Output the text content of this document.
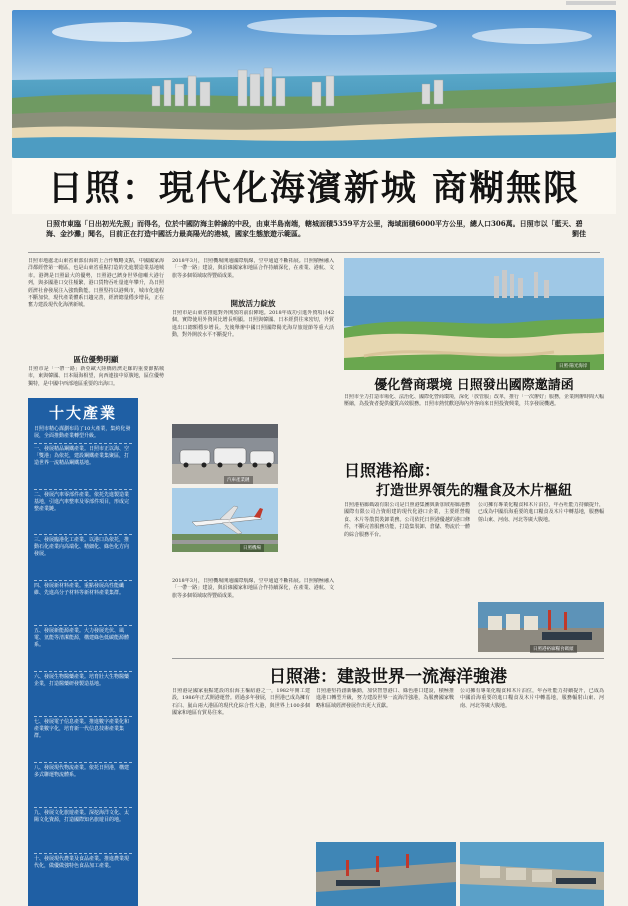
日照：現代化海濱新城 商糊無限
日照市東臨「日出初光先照」而得名，位於中國防海主幹線的中段，由東半島南端，轄城面積5359平方公里，海域面積6000平方公里，總人口306萬。日照市以「藍天、碧海、金沙灘」聞名，目前正在打造中國活力最高陽光的港城，國家生態旅遊示範區。	劉佳
日照市地處北山東省東部沿海的上合作戰略支點，中國國家海洋都經營第一範區，也是山東省重點打造的先進製造業基地城市。港灣是日照最大的優勢，日照港已躋身世界億噸大港行列，與多國港口交往頻繁，港口貨物吞吐量連年攀升，為日照經濟社會發展注入強勁動能。日照堅持以港興市，城市化進程不斷加快，現代產業體系日趨完善，經濟總量穩步增長，正在奮力建設現代化海濱新城。
區位優勢明顯
日照市是「一帶一路」新亞歐大陸橋經濟走廊的重要節點城市，東與韓國、日本隔海相望，向西連接中原腹地，區位優勢獨特，是中國中西部地區重要的出海口。
2018年3月，日照機場開通國際航線，空中通道不斷拓展。日照積極融入「一帶一路」建設，與沿線國家和地區合作持續深化，在產業、港航、文旅等多個領域取得豐碩成果。
開放活力綻放
日照市是山東省推進對外開放的前沿陣地。2018年成功引進外資項目42個，實際使用外資同比增長明顯。日照與韓國、日本經貿往來密切，外貿進出口總額穩步增長。先後舉辦中國日照國際陽光海岸旅遊節等重大活動，對外開放水平不斷提升。
十大產業
日照市精心謀劃布局了10大產業，集約化發展，全面推動產業轉型升級。
一、發展精品鋼鐵產業。日照市正以海、空「雙港」為依托，建設鋼鐵產業集聚區，打造世界一流精品鋼鐵基地。
二、發展汽車零部件產業。依托先進製造業基地，引進汽車整車及零部件項目，形成完整產業鏈。
三、發展臨港化工產業。以港口為依托，推動石化產業向高端化、精細化、綠色化方向發展。
四、發展新材料產業。重點發展高性能纖維、先進高分子材料等新材料產業集群。
五、發展新能源產業。大力發展光伏、風電、氫能等清潔能源，構建綠色低碳能源體系。
六、發展生物醫藥產業。培育壯大生物醫藥企業，打造醫藥研發製造基地。
七、發展電子信息產業。推進數字產業化和產業數字化，培育新一代信息技術產業集群。
八、發展現代物流產業。依托日照港，構建多式聯運物流體系。
九、發展文化旅遊產業。深挖海洋文化、太陽文化資源，打造國際知名旅遊目的地。
十、發展現代農業及食品產業。推進農業現代化，做優做強特色食品加工產業。
汽車產業鏈
日照機場
日照·陽光海岸
優化營商環境 日照發出國際邀請函
日照市全力打造市場化、法治化、國際化營商環境，深化「放管服」改革，推行「一次辦好」服務，企業開辦時間大幅壓縮，為投資者提供優質高效服務。日照市熱忱歡迎海內外客商來日照投資興業，共享發展機遇。
日照港裕廊：
打造世界領先的糧食及木片樞紐
日照港裕廊碼頭有限公司是日照港集團與新加坡裕廊港務國際有限公司合資組建的現代化港口企業，主要經營糧食、木片等散貨裝卸業務。公司依托日照港優越的港口條件，不斷完善服務功能，打造集裝卸、倉儲、物流於一體的綜合服務平台。
公司擁有專業化糧食和木片泊位，年吞吐能力持續提升，已成為中國沿海重要的進口糧食及木片中轉基地，服務輻射山東、河南、河北等廣大腹地。
日照港裕廊糧食碼頭
2018年3月，日照機場開通國際航線，空中通道不斷拓展。日照積極融入「一帶一路」建設，與沿線國家和地區合作持續深化，在產業、港航、文旅等多個領域取得豐碩成果。
日照港：建設世界一流海洋強港
日照港是國家重點建設的沿海主樞紐港之一，1982年開工建設，1986年正式開港運營。經過多年發展，日照港已成為擁有石臼、嵐山兩大港區的現代化綜合性大港，與世界上100多個國家和地區有貿易往來。
日照港堅持創新驅動，加快智慧港口、綠色港口建設，積極推進港口轉型升級，努力建設世界一流海洋強港，為服務國家戰略和區域經濟發展作出更大貢獻。
公司擁有專業化糧食和木片泊位，年吞吐能力持續提升，已成為中國沿海重要的進口糧食及木片中轉基地，服務輻射山東、河南、河北等廣大腹地。
